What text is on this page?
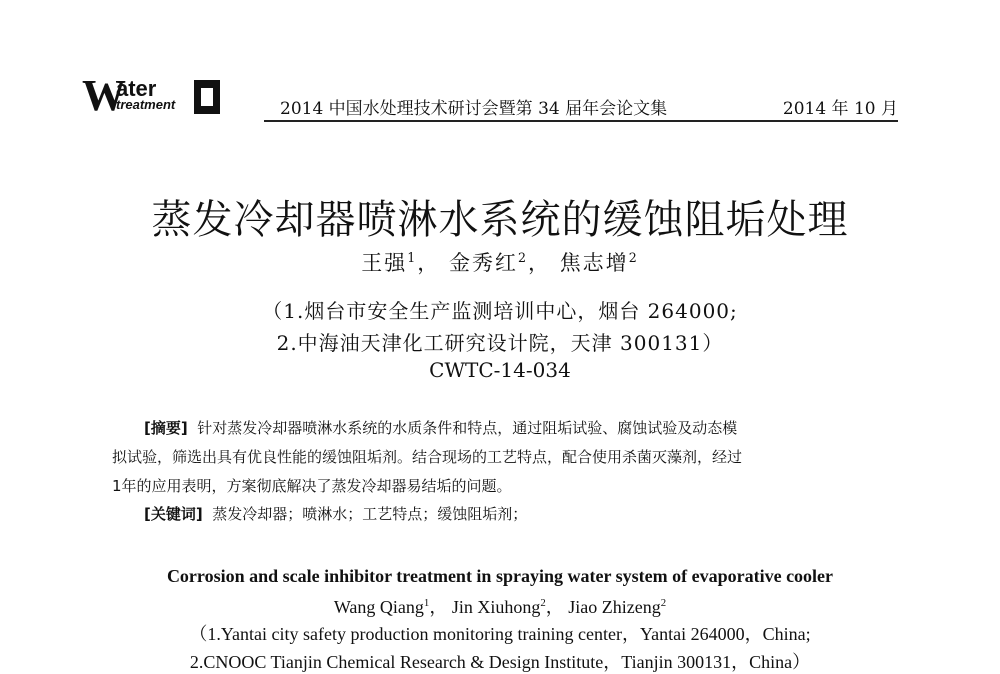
W
ater
treatment	2014 中国水处理技术研讨会暨第 34 届年会论文集	2014 年 10 月
蒸发冷却器喷淋水系统的缓蚀阻垢处理
王强$^1$， 金秀红$^2$， 焦志增$^2$
（1.烟台市安全生产监测培训中心，烟台 264000;
2.中海油天津化工研究设计院，天津 300131）
CWTC-14-034

[摘要] 针对蒸发冷却器喷淋水系统的水质条件和特点，通过阻垢试验、腐蚀试验及动态模

拟试验，筛选出具有优良性能的缓蚀阻垢剂。结合现场的工艺特点，配合使用杀菌灭藻剂，经过

1年的应用表明，方案彻底解决了蒸发冷却器易结垢的问题。

[关键词] 蒸发冷却器；喷淋水；工艺特点；缓蚀阻垢剂；
Corrosion and scale inhibitor treatment in spraying water system of evaporative cooler
Wang Qiang$^1$， Jin Xiuhong$^2$， Jiao Zhizeng$^2$
（1.Yantai city safety production monitoring training center，Yantai 264000，China;
2.CNOOC Tianjin Chemical Research & Design Institute，Tianjin 300131，China）
